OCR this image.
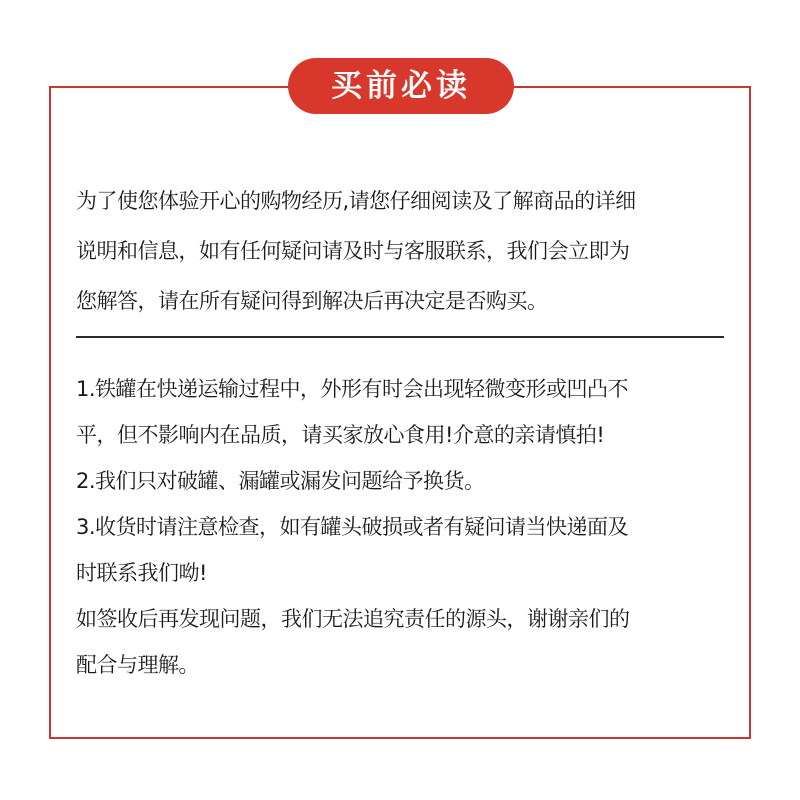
买前必读
为了使您体验开心的购物经历,请您仔细阅读及了解商品的详细
说明和信息，如有任何疑问请及时与客服联系，我们会立即为
您解答，请在所有疑问得到解决后再决定是否购买。
1.铁罐在快递运输过程中，外形有时会出现轻微变形或凹凸不
平，但不影响内在品质，请买家放心食用!介意的亲请慎拍!
2.我们只对破罐、漏罐或漏发问题给予换货。
3.收货时请注意检查，如有罐头破损或者有疑问请当快递面及
时联系我们呦!
如签收后再发现问题，我们无法追究责任的源头，谢谢亲们的
配合与理解。
